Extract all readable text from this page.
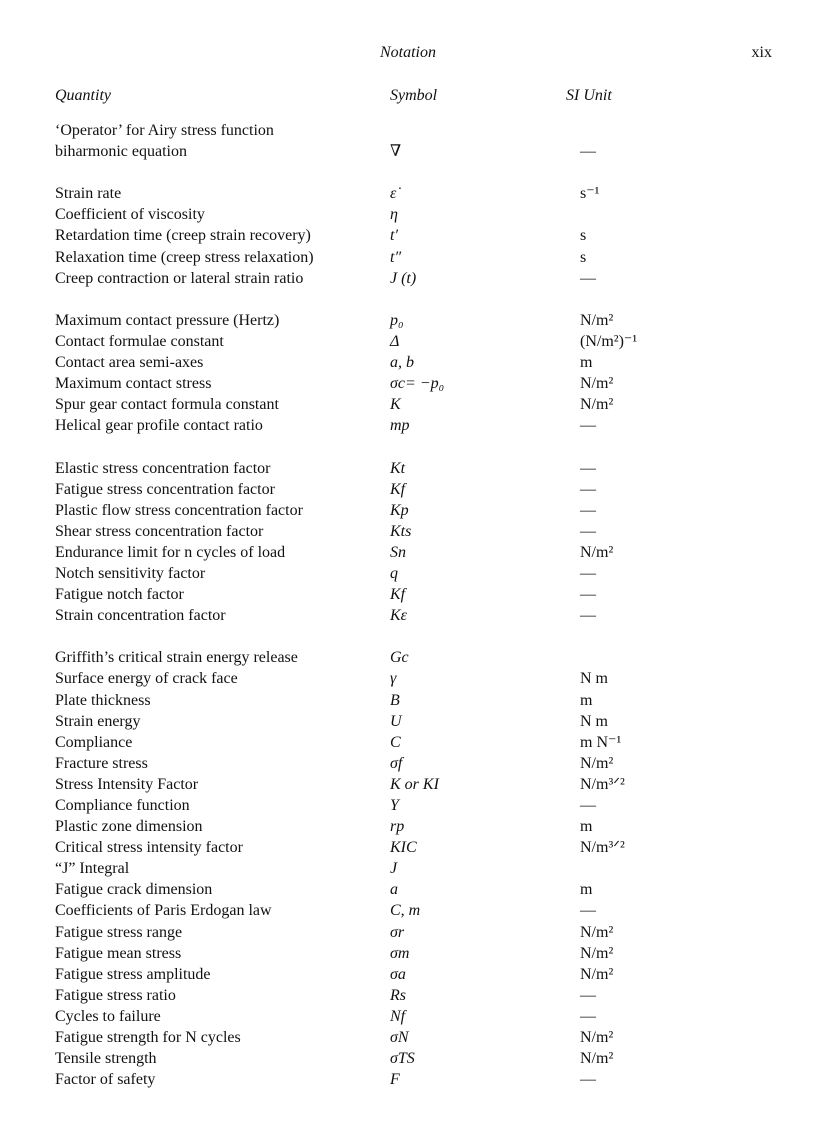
Notation	xix
Quantity	Symbol	SI Unit
‘Operator’ for Airy stress function
biharmonic equation	∇	—
Strain rate	ε̇	s⁻¹
Coefficient of viscosity	η
Retardation time (creep strain recovery)	t′	s
Relaxation time (creep stress relaxation)	t″	s
Creep contraction or lateral strain ratio	J (t)	—
Maximum contact pressure (Hertz)	p₀	N/m²
Contact formulae constant	Δ	(N/m²)⁻¹
Contact area semi-axes	a, b	m
Maximum contact stress	σc= −p₀	N/m²
Spur gear contact formula constant	K	N/m²
Helical gear profile contact ratio	mp	—
Elastic stress concentration factor	Kt	—
Fatigue stress concentration factor	Kf	—
Plastic flow stress concentration factor	Kp	—
Shear stress concentration factor	Kts	—
Endurance limit for n cycles of load	Sn	N/m²
Notch sensitivity factor	q	—
Fatigue notch factor	Kf	—
Strain concentration factor	Kε	—
Griffith’s critical strain energy release	Gc
Surface energy of crack face	γ	N m
Plate thickness	B	m
Strain energy	U	N m
Compliance	C	m N⁻¹
Fracture stress	σf	N/m²
Stress Intensity Factor	K or KI	N/m³ᐟ²
Compliance function	Y	—
Plastic zone dimension	rp	m
Critical stress intensity factor	KIC	N/m³ᐟ²
“J” Integral	J
Fatigue crack dimension	a	m
Coefficients of Paris Erdogan law	C, m	—
Fatigue stress range	σr	N/m²
Fatigue mean stress	σm	N/m²
Fatigue stress amplitude	σa	N/m²
Fatigue stress ratio	Rs	—
Cycles to failure	Nf	—
Fatigue strength for N cycles	σN	N/m²
Tensile strength	σTS	N/m²
Factor of safety	F	—
